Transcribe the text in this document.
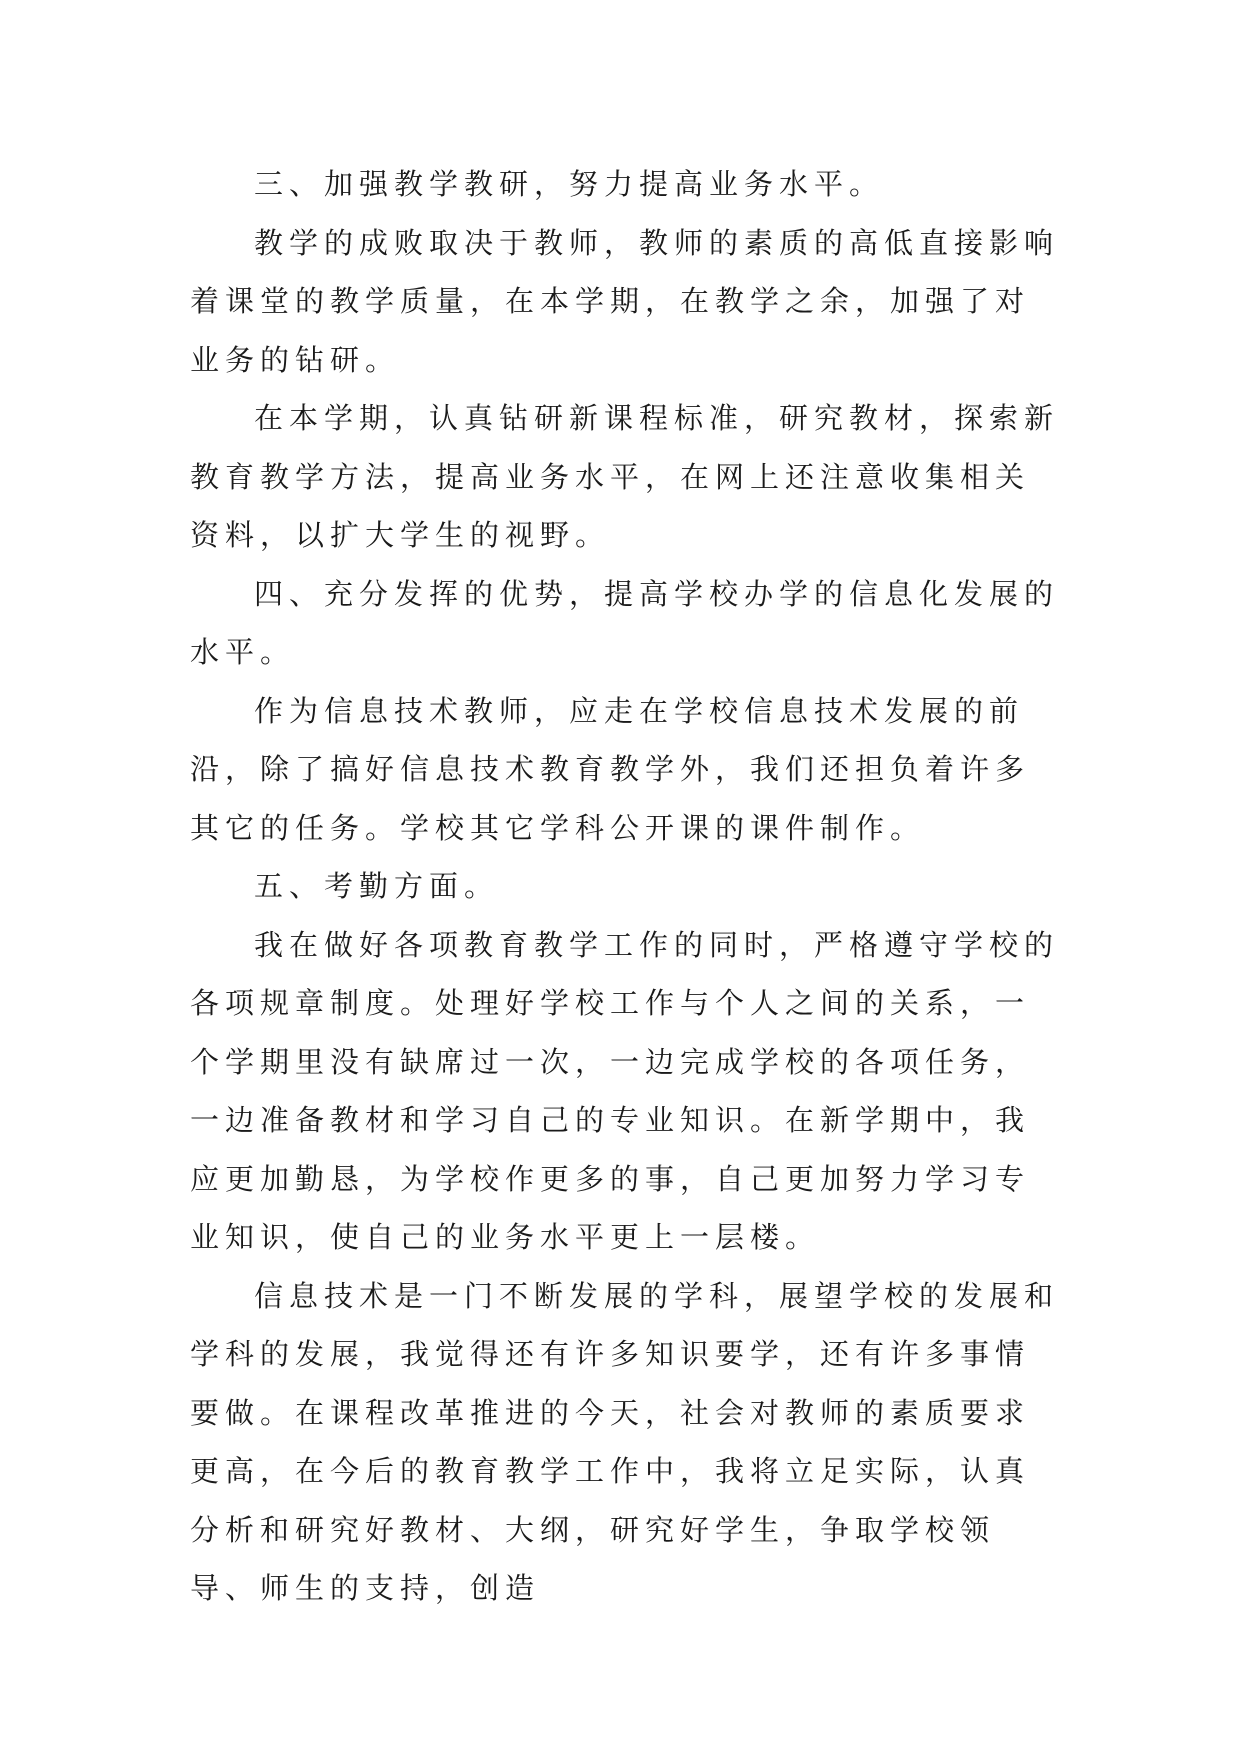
三、加强教学教研，努力提高业务水平。

教学的成败取决于教师，教师的素质的高低直接影响着课堂的教学质量，在本学期，在教学之余，加强了对业务的钻研。

在本学期，认真钻研新课程标准，研究教材，探索新教育教学方法，提高业务水平，在网上还注意收集相关资料，以扩大学生的视野。

四、充分发挥的优势，提高学校办学的信息化发展的水平。

作为信息技术教师，应走在学校信息技术发展的前沿，除了搞好信息技术教育教学外，我们还担负着许多其它的任务。学校其它学科公开课的课件制作。

五、考勤方面。

我在做好各项教育教学工作的同时，严格遵守学校的各项规章制度。处理好学校工作与个人之间的关系，一个学期里没有缺席过一次，一边完成学校的各项任务，一边准备教材和学习自己的专业知识。在新学期中，我应更加勤恳，为学校作更多的事，自己更加努力学习专业知识，使自己的业务水平更上一层楼。

信息技术是一门不断发展的学科，展望学校的发展和学科的发展，我觉得还有许多知识要学，还有许多事情要做。在课程改革推进的今天，社会对教师的素质要求更高，在今后的教育教学工作中，我将立足实际，认真分析和研究好教材、大纲，研究好学生，争取学校领导、师生的支持，创造
